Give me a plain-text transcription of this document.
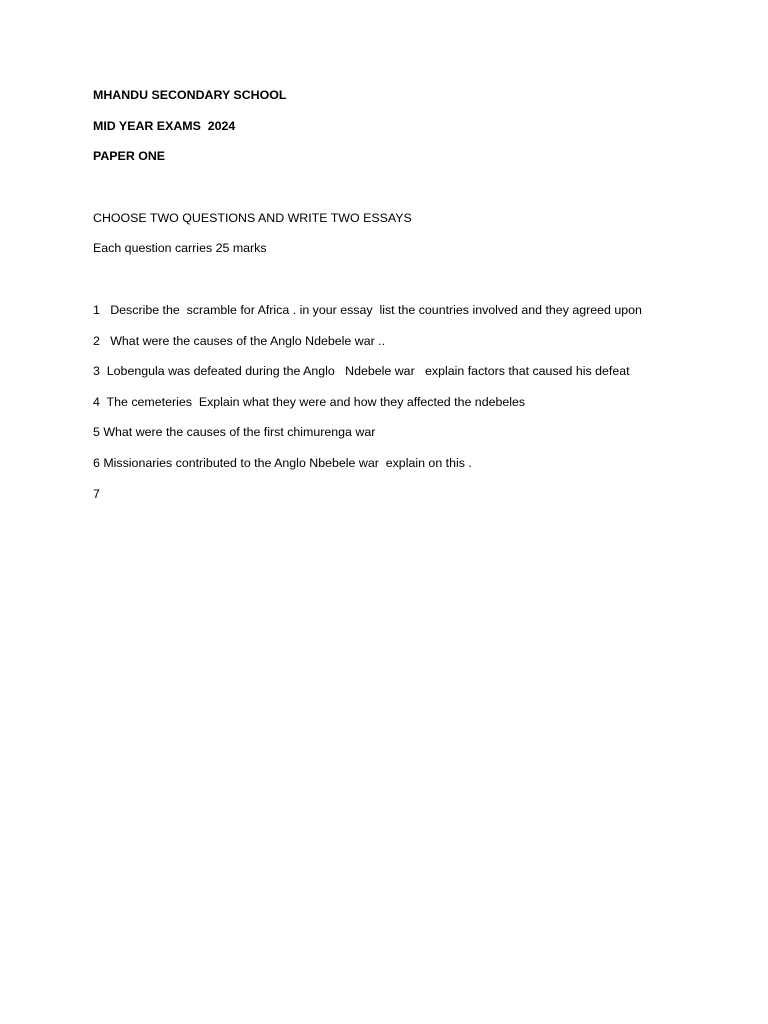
MHANDU SECONDARY SCHOOL
MID YEAR EXAMS  2024
PAPER ONE
CHOOSE TWO QUESTIONS AND WRITE TWO ESSAYS
Each question carries 25 marks
1   Describe the  scramble for Africa . in your essay  list the countries involved and they agreed upon
2   What were the causes of the Anglo Ndebele war ..
3  Lobengula was defeated during the Anglo   Ndebele war   explain factors that caused his defeat
4  The cemeteries  Explain what they were and how they affected the ndebeles
5 What were the causes of the first chimurenga war
6 Missionaries contributed to the Anglo Nbebele war  explain on this .
7
